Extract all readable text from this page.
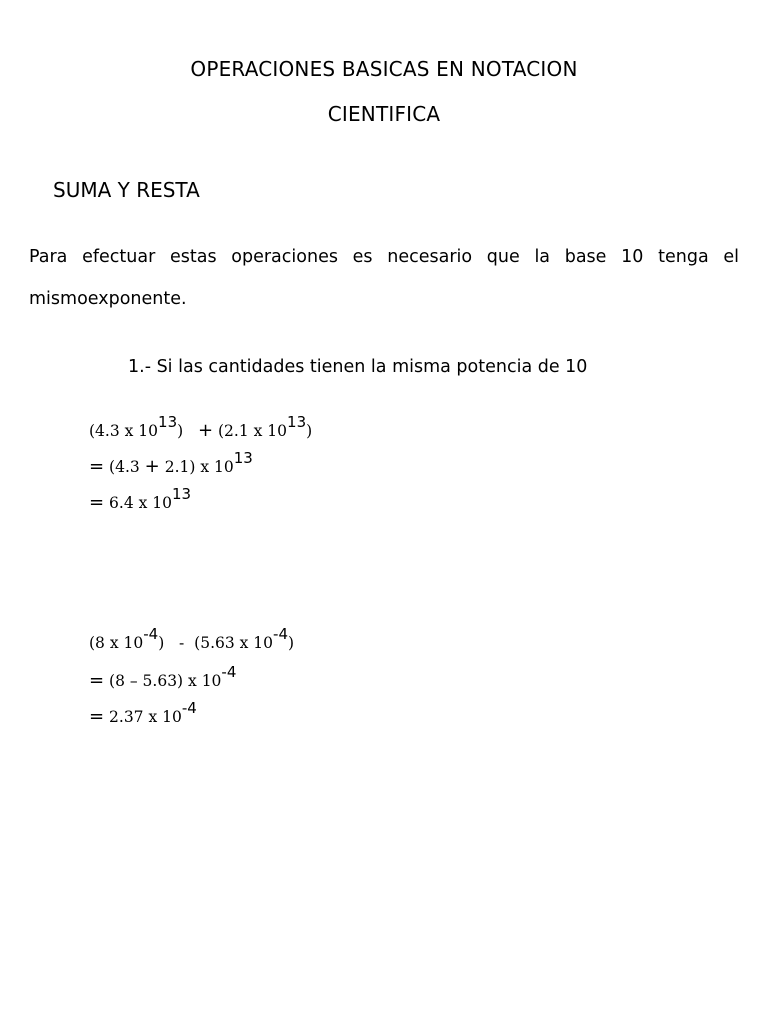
OPERACIONES BASICAS EN NOTACION
CIENTIFICA
SUMA Y RESTA

Para efectuar estas operaciones es necesario que la base 10 tenga el mismoexponente.

1.- Si las cantidades tienen la misma potencia de 10
(4.3 x $10^{13}) + (2.1$ x $10^{13}$)
= (4.3 + 2.1) x $10^{13}$
= 6.4 x $10^{13}$
(8 x $10^{-4}) - (5.63$ x $10^{-4}$)
= (8 – 5.63) x $10^{-4}$
= 2.37 x $10^{-4}$
